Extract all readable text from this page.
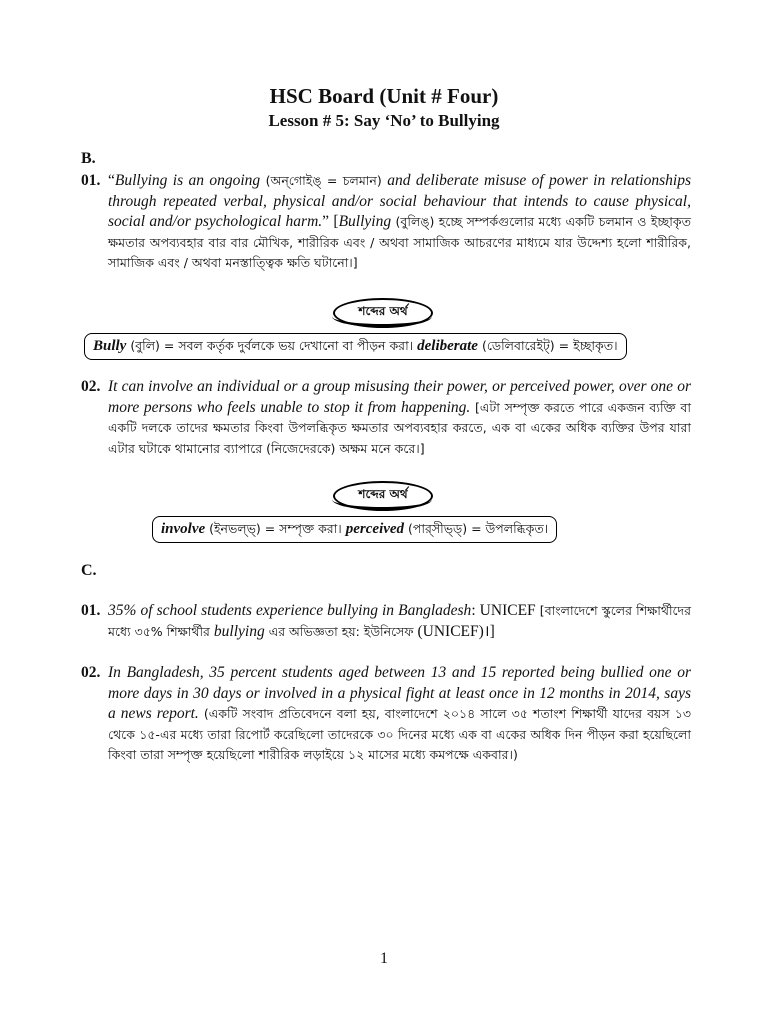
HSC Board (Unit # Four)
Lesson # 5: Say ‘No’ to Bullying
B.
01. “Bullying is an ongoing (অন্‌গোইঙ্‌ = চলমান) and deliberate misuse of power in relationships through repeated verbal, physical and/or social behaviour that intends to cause physical, social and/or psychological harm.” [Bullying (বুলিঙ্‌) হচ্ছে সম্পর্কগুলোর মধ্যে একটি চলমান ও ইচ্ছাকৃত ক্ষমতার অপব্যবহার বার বার মৌখিক, শারীরিক এবং / অথবা সামাজিক আচরণের মাধ্যমে যার উদ্দেশ্য হলো শারীরিক, সামাজিক এবং / অথবা মনস্তাত্ত্বিক ক্ষতি ঘটানো।]
শব্দের অর্থ
Bully (বুলি) = সবল কর্তৃক দুর্বলকে ভয় দেখানো বা পীড়ন করা। deliberate (ডেলিবারেইট্) = ইচ্ছাকৃত।
02. It can involve an individual or a group misusing their power, or perceived power, over one or more persons who feels unable to stop it from happening. [এটা সম্পৃক্ত করতে পারে একজন ব্যক্তি বা একটি দলকে তাদের ক্ষমতার কিংবা উপলব্ধিকৃত ক্ষমতার অপব্যবহার করতে, এক বা একের অধিক ব্যক্তির উপর যারা এটার ঘটাকে থামানোর ব্যাপারে (নিজেদেরকে) অক্ষম মনে করে।]
শব্দের অর্থ
involve (ইনভল্‌ভ্) = সম্পৃক্ত করা। perceived (পার্‌সীভ্‌ড্) = উপলব্ধিকৃত।
C.
01. 35% of school students experience bullying in Bangladesh: UNICEF [বাংলাদেশে স্কুলের শিক্ষার্থীদের মধ্যে ৩৫% শিক্ষার্থীর bullying এর অভিজ্ঞতা হয়: ইউনিসেফ (UNICEF)।]
02. In Bangladesh, 35 percent students aged between 13 and 15 reported being bullied one or more days in 30 days or involved in a physical fight at least once in 12 months in 2014, says a news report. (একটি সংবাদ প্রতিবেদনে বলা হয়, বাংলাদেশে ২০১৪ সালে ৩৫ শতাংশ শিক্ষার্থী যাদের বয়স ১৩ থেকে ১৫-এর মধ্যে তারা রিপোর্ট করেছিলো তাদেরকে ৩০ দিনের মধ্যে এক বা একের অধিক দিন পীড়ন করা হয়েছিলো কিংবা তারা সম্পৃক্ত হয়েছিলো শারীরিক লড়াইয়ে ১২ মাসের মধ্যে কমপক্ষে একবার।)
1
